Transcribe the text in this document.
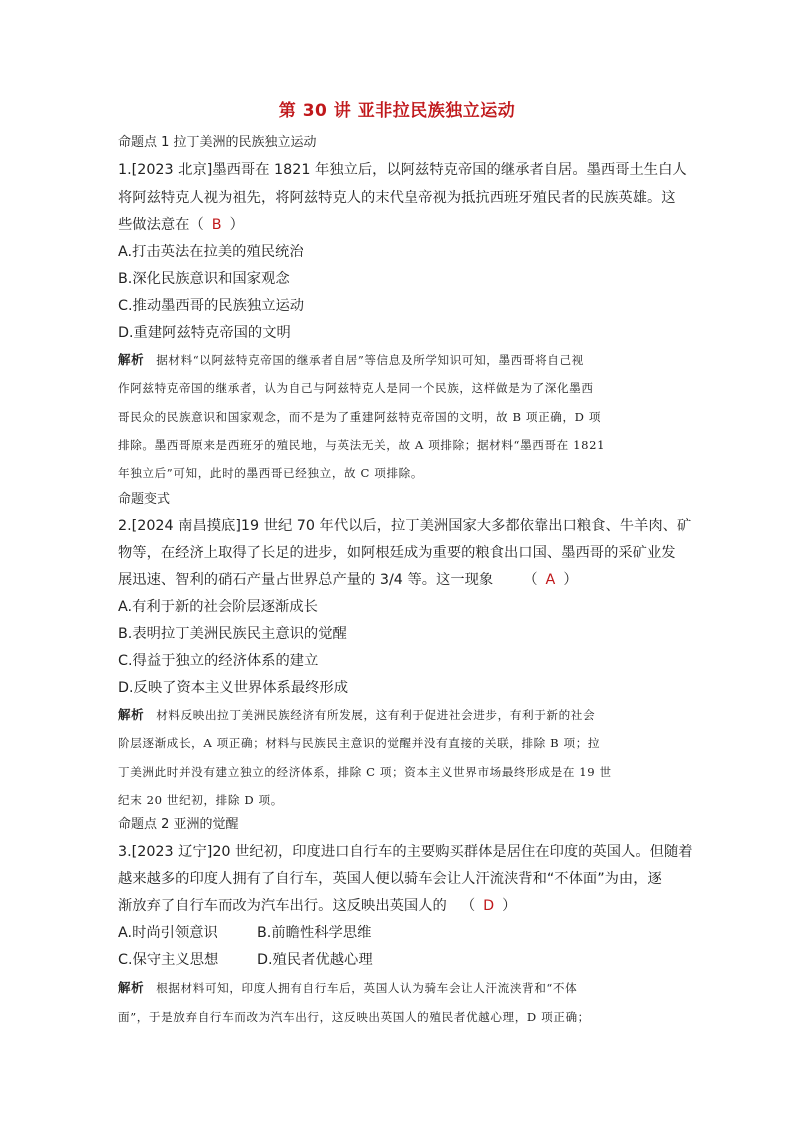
第 30 讲 亚非拉民族独立运动
命题点 1 拉丁美洲的民族独立运动
1.[2023 北京]墨西哥在 1821 年独立后，以阿兹特克帝国的继承者自居。墨西哥土生白人
将阿兹特克人视为祖先，将阿兹特克人的末代皇帝视为抵抗西班牙殖民者的民族英雄。这
些做法意在（ B ）
A.打击英法在拉美的殖民统治
B.深化民族意识和国家观念
C.推动墨西哥的民族独立运动
D.重建阿兹特克帝国的文明
解析 据材料“以阿兹特克帝国的继承者自居”等信息及所学知识可知，墨西哥将自己视
作阿兹特克帝国的继承者，认为自己与阿兹特克人是同一个民族，这样做是为了深化墨西
哥民众的民族意识和国家观念，而不是为了重建阿兹特克帝国的文明，故 B 项正确，D 项
排除。墨西哥原来是西班牙的殖民地，与英法无关，故 A 项排除；据材料“墨西哥在 1821
年独立后”可知，此时的墨西哥已经独立，故 C 项排除。
命题变式
2.[2024 南昌摸底]19 世纪 70 年代以后，拉丁美洲国家大多都依靠出口粮食、牛羊肉、矿
物等，在经济上取得了长足的进步，如阿根廷成为重要的粮食出口国、墨西哥的采矿业发
展迅速、智利的硝石产量占世界总产量的 3/4 等。这一现象 （ A ）
A.有利于新的社会阶层逐渐成长
B.表明拉丁美洲民族民主意识的觉醒
C.得益于独立的经济体系的建立
D.反映了资本主义世界体系最终形成
解析 材料反映出拉丁美洲民族经济有所发展，这有利于促进社会进步，有利于新的社会
阶层逐渐成长，A 项正确；材料与民族民主意识的觉醒并没有直接的关联，排除 B 项；拉
丁美洲此时并没有建立独立的经济体系，排除 C 项；资本主义世界市场最终形成是在 19 世
纪末 20 世纪初，排除 D 项。
命题点 2 亚洲的觉醒
3.[2023 辽宁]20 世纪初，印度进口自行车的主要购买群体是居住在印度的英国人。但随着
越来越多的印度人拥有了自行车，英国人便以骑车会让人汗流浃背和“不体面”为由，逐
渐放弃了自行车而改为汽车出行。这反映出英国人的 （ D ）
A.时尚引领意识	B.前瞻性科学思维
C.保守主义思想	D.殖民者优越心理
解析 根据材料可知，印度人拥有自行车后，英国人认为骑车会让人汗流浃背和“不体
面”，于是放弃自行车而改为汽车出行，这反映出英国人的殖民者优越心理，D 项正确；
